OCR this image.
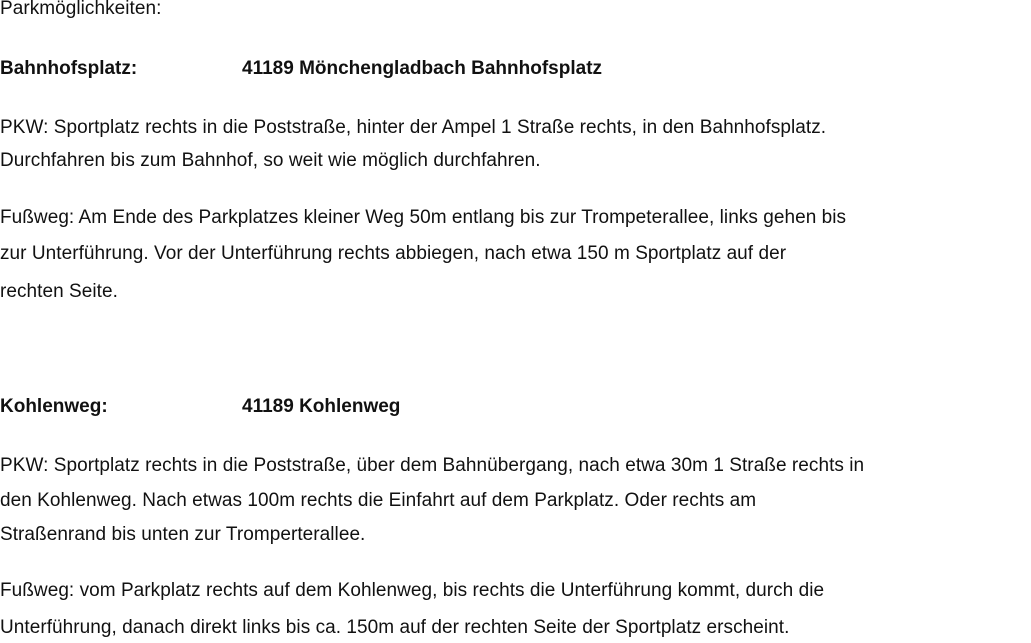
Parkmöglichkeiten:
Bahnhofsplatz:	41189 Mönchengladbach Bahnhofsplatz
PKW: Sportplatz rechts in die Poststraße, hinter der Ampel 1 Straße rechts, in den Bahnhofsplatz.
Durchfahren bis zum Bahnhof, so weit wie möglich durchfahren.
Fußweg: Am Ende des Parkplatzes kleiner Weg 50m entlang bis zur Trompeterallee, links gehen bis
zur Unterführung. Vor der Unterführung rechts abbiegen, nach etwa 150 m Sportplatz auf der
rechten Seite.
Kohlenweg:	41189 Kohlenweg
PKW: Sportplatz rechts in die Poststraße, über dem Bahnübergang, nach etwa 30m 1 Straße rechts in
den Kohlenweg. Nach etwas 100m rechts die Einfahrt auf dem Parkplatz. Oder rechts am
Straßenrand bis unten zur Tromperterallee.
Fußweg: vom Parkplatz rechts auf dem Kohlenweg, bis rechts die Unterführung kommt, durch die
Unterführung, danach direkt links bis ca. 150m auf der rechten Seite der Sportplatz erscheint.
